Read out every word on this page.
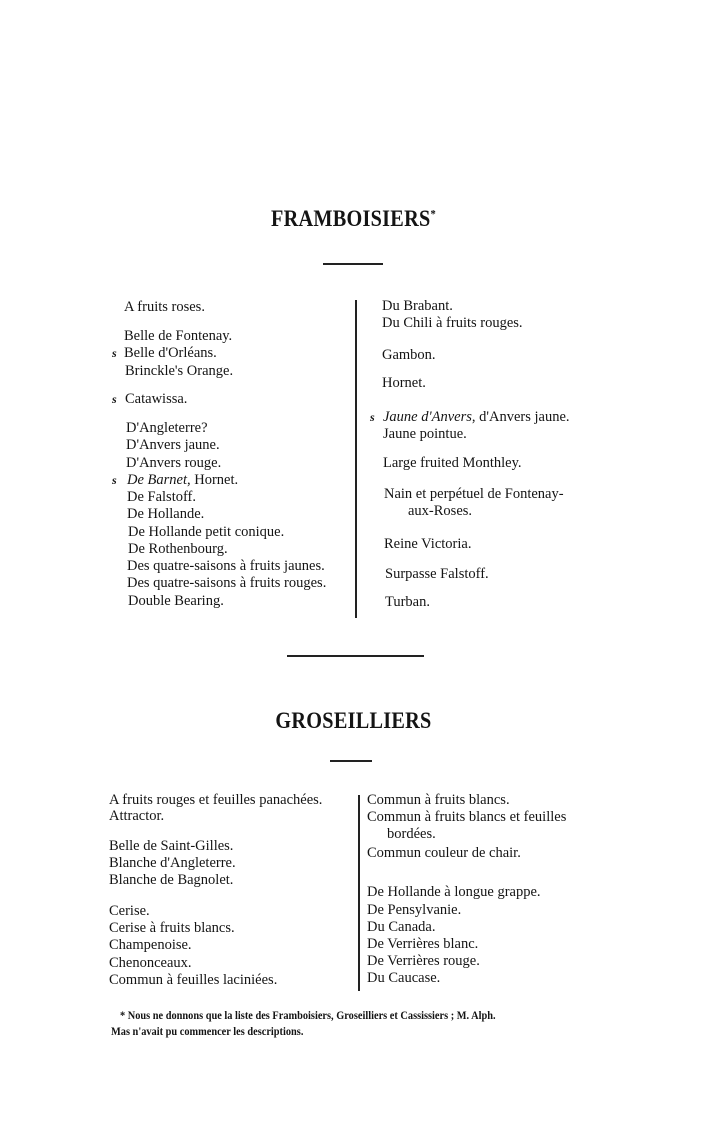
FRAMBOISIERS*
A fruits roses.
Belle de Fontenay.
s Belle d'Orléans.
Brinckle's Orange.
s Catawissa.
D'Angleterre?
D'Anvers jaune.
D'Anvers rouge.
s De Barnet, Hornet.
De Falstoff.
De Hollande.
De Hollande petit conique.
De Rothenbourg.
Des quatre-saisons à fruits jaunes.
Des quatre-saisons à fruits rouges.
Double Bearing.
Du Brabant.
Du Chili à fruits rouges.
Gambon.
Hornet.
s Jaune d'Anvers, d'Anvers jaune.
Jaune pointue.
Large fruited Monthley.
Nain et perpétuel de Fontenay-
aux-Roses.
Reine Victoria.
Surpasse Falstoff.
Turban.
GROSEILLIERS
A fruits rouges et feuilles panachées.
Attractor.
Belle de Saint-Gilles.
Blanche d'Angleterre.
Blanche de Bagnolet.
Cerise.
Cerise à fruits blancs.
Champenoise.
Chenonceaux.
Commun à feuilles laciniées.
Commun à fruits blancs.
Commun à fruits blancs et feuilles
bordées.
Commun couleur de chair.
De Hollande à longue grappe.
De Pensylvanie.
Du Canada.
De Verrières blanc.
De Verrières rouge.
Du Caucase.
* Nous ne donnons que la liste des Framboisiers, Groseilliers et Cassissiers ; M. Alph.
Mas n'avait pu commencer les descriptions.
